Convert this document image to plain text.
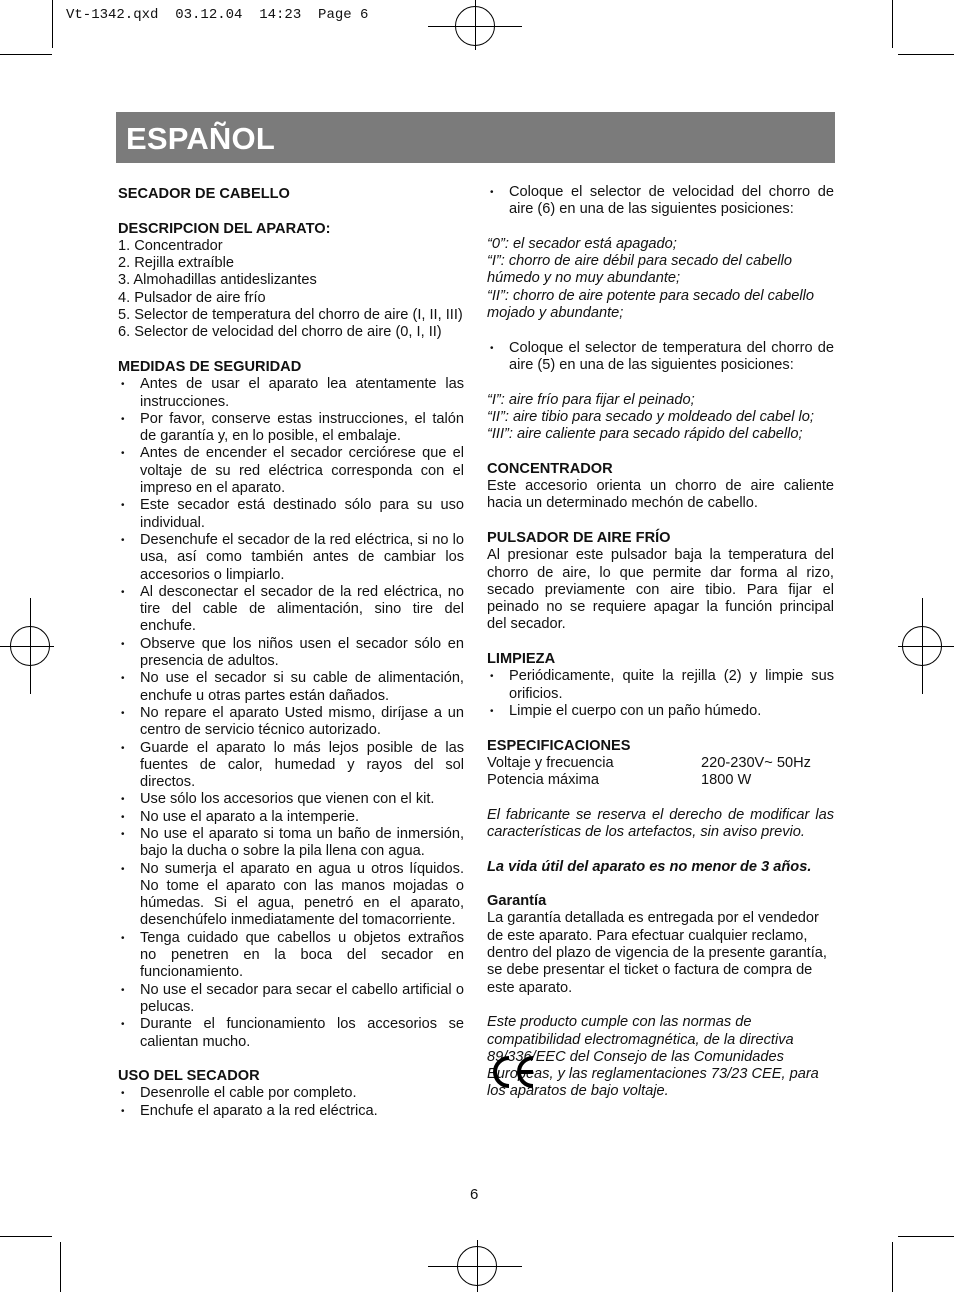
Vt-1342.qxd  03.12.04  14:23  Page 6
ESPAÑOL

SECADOR DE CABELLO

DESCRIPCION DEL APARATO:

1. Concentrador
2. Rejilla extraíble
3. Almohadillas antideslizantes
4. Pulsador de aire frío
5. Selector de temperatura del chorro de aire (I, II, III)
6. Selector de velocidad del chorro de aire (0, I, II)

MEDIDAS DE SEGURIDAD

• Antes de usar el aparato lea atentamente las instrucciones.
• Por favor, conserve estas instrucciones, el talón de garantía y, en lo posible, el embalaje.
• Antes de encender el secador cerciórese que el voltaje de su red eléctrica corresponda con el impreso en el aparato.
• Este secador está destinado sólo para su uso individual.
• Desenchufe el secador de la red eléctrica, si no lo usa, así como también antes de cambiar los accesorios o limpiarlo.
• Al desconectar el secador de la red eléctrica, no tire del cable de alimentación, sino tire del enchufe.
• Observe que los niños usen el secador sólo en presencia de adultos.
• No use el secador si su cable de alimentación, enchufe u otras partes están dañados.
• No repare el aparato Usted mismo, diríjase a un centro de servicio técnico autorizado.
• Guarde el aparato lo más lejos posible de las fuentes de calor, humedad y rayos del sol directos.
• Use sólo los accesorios que vienen con el kit.
• No use el aparato a la intemperie.
• No use el aparato si toma un baño de inmersión, bajo la ducha o sobre la pila llena con agua.
• No sumerja el aparato en agua u otros líquidos. No tome el aparato con las manos mojadas o húmedas. Si el agua, penetró en el aparato, desenchúfelo inmediatamente del tomacorriente.
• Tenga cuidado que cabellos u objetos extraños no penetren en la boca del secador en funcionamiento.
• No use el secador para secar el cabello artificial o pelucas.
• Durante el funcionamiento los accesorios se calientan mucho.

USO DEL SECADOR

• Desenrolle el cable por completo.
• Enchufe el aparato a la red eléctrica.
• Coloque el selector de velocidad del chorro de aire (6) en una de las siguientes posiciones:

“0”: el secador está apagado;

“I”: chorro de aire débil para secado del cabello húmedo y no muy abundante;

“II”: chorro de aire potente para secado del cabello mojado y abundante;

• Coloque el selector de temperatura del chorro de aire (5) en una de las siguientes posiciones:

“I”: aire frío para fijar el peinado;

“II”: aire tibio para secado y moldeado del cabel lo;

“III”: aire caliente para secado rápido del cabello;

CONCENTRADOR

Este accesorio orienta un chorro de aire caliente hacia un determinado mechón de cabello.

PULSADOR DE AIRE FRÍO

Al presionar este pulsador baja la temperatura del chorro de aire, lo que permite dar forma al rizo, secado previamente con aire tibio. Para fijar el peinado no se requiere apagar la función principal del secador.

LIMPIEZA

• Periódicamente, quite la rejilla (2) y limpie sus orificios.
• Limpie el cuerpo con un paño húmedo.

ESPECIFICACIONES

Voltaje y frecuencia	220-230V~ 50Hz
Potencia máxima	1800 W

El fabricante se reserva el derecho de modificar las características de los artefactos, sin aviso previo.

La vida útil del aparato es no menor de 3 años.

Garantía

La garantía detallada es entregada por el vendedor de este aparato. Para efectuar cualquier reclamo, dentro del plazo de vigencia de la presente garantía, se debe presentar el ticket o factura de compra de este aparato.

Este producto cumple con las normas de compatibilidad electromagnética, de la directiva 89/336/EEC del Consejo de las Comunidades Europeas, y las reglamentaciones 73/23 CEE, para los aparatos de bajo voltaje.

6
